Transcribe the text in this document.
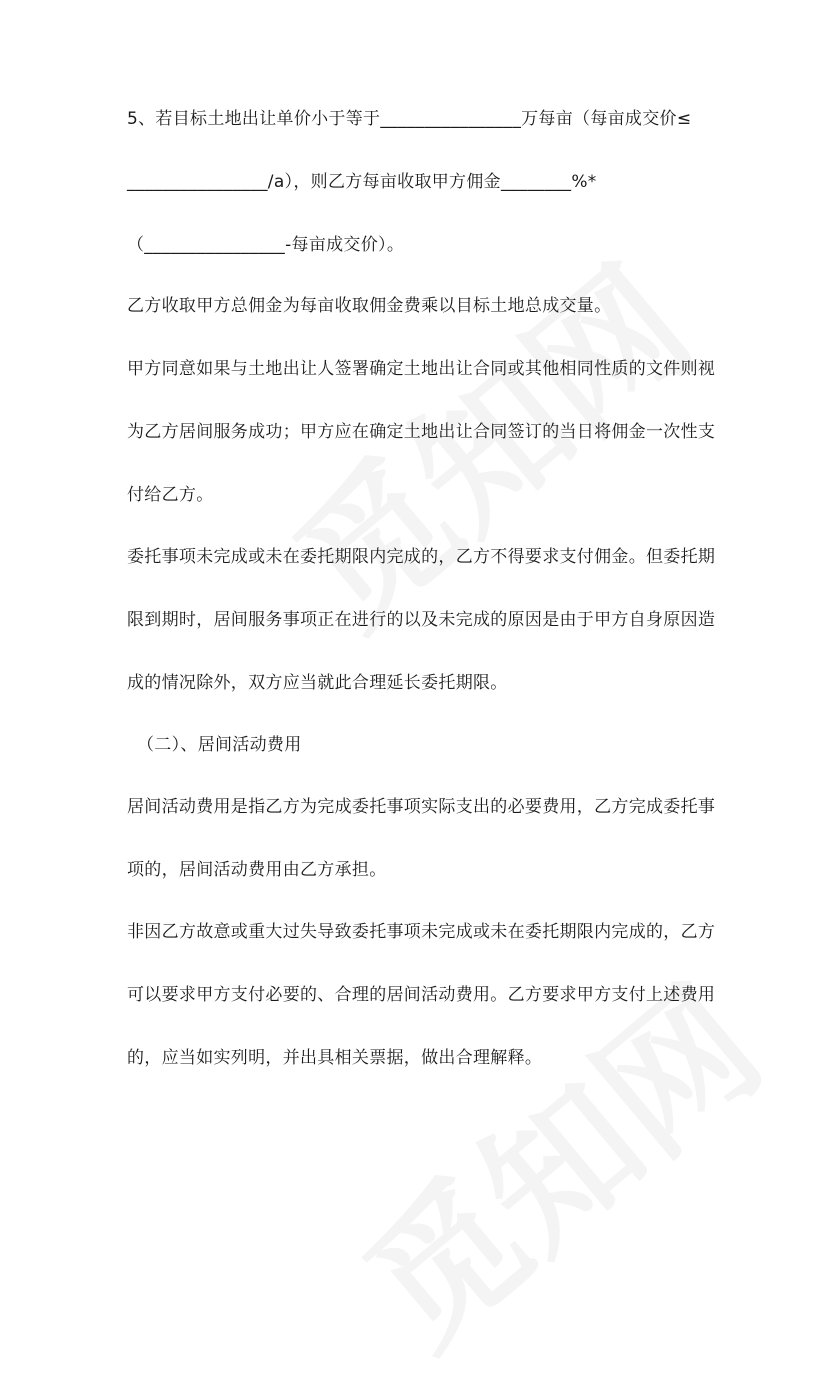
5、若目标土地出让单价小于等于________________万每亩（每亩成交价≤
________________/a），则乙方每亩收取甲方佣金________%*
（________________-每亩成交价）。
乙方收取甲方总佣金为每亩收取佣金费乘以目标土地总成交量。
甲方同意如果与土地出让人签署确定土地出让合同或其他相同性质的文件则视
为乙方居间服务成功；甲方应在确定土地出让合同签订的当日将佣金一次性支
付给乙方。
委托事项未完成或未在委托期限内完成的，乙方不得要求支付佣金。但委托期
限到期时，居间服务事项正在进行的以及未完成的原因是由于甲方自身原因造
成的情况除外，双方应当就此合理延长委托期限。
（二）、居间活动费用
居间活动费用是指乙方为完成委托事项实际支出的必要费用，乙方完成委托事
项的，居间活动费用由乙方承担。
非因乙方故意或重大过失导致委托事项未完成或未在委托期限内完成的，乙方
可以要求甲方支付必要的、合理的居间活动费用。乙方要求甲方支付上述费用
的，应当如实列明，并出具相关票据，做出合理解释。
